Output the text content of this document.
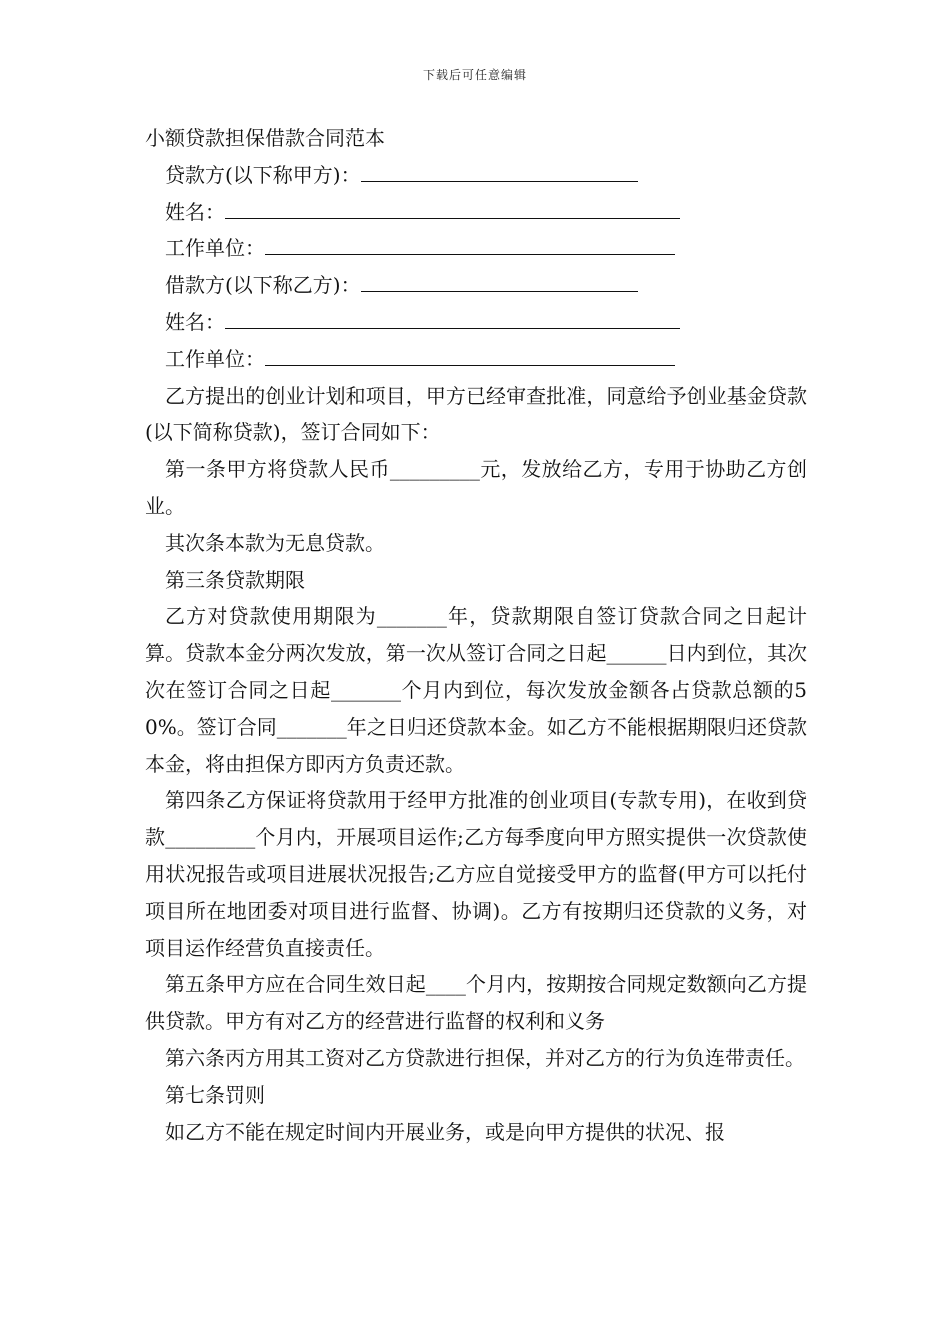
下载后可任意编辑
小额贷款担保借款合同范本
贷款方(以下称甲方)：
姓名：
工作单位：
借款方(以下称乙方)：
姓名：
工作单位：
乙方提出的创业计划和项目，甲方已经审查批准，同意给予创业基金贷款(以下简称贷款)，签订合同如下：
第一条甲方将贷款人民币_________元，发放给乙方，专用于协助乙方创业。
其次条本款为无息贷款。
第三条贷款期限
乙方对贷款使用期限为_______年，贷款期限自签订贷款合同之日起计算。贷款本金分两次发放，第一次从签订合同之日起______日内到位，其次次在签订合同之日起_______个月内到位，每次发放金额各占贷款总额的50%。签订合同_______年之日归还贷款本金。如乙方不能根据期限归还贷款本金，将由担保方即丙方负责还款。
第四条乙方保证将贷款用于经甲方批准的创业项目(专款专用)，在收到贷款_________个月内，开展项目运作;乙方每季度向甲方照实提供一次贷款使用状况报告或项目进展状况报告;乙方应自觉接受甲方的监督(甲方可以托付项目所在地团委对项目进行监督、协调)。乙方有按期归还贷款的义务，对项目运作经营负直接责任。
第五条甲方应在合同生效日起____个月内，按期按合同规定数额向乙方提供贷款。甲方有对乙方的经营进行监督的权利和义务
第六条丙方用其工资对乙方贷款进行担保，并对乙方的行为负连带责任。
第七条罚则
如乙方不能在规定时间内开展业务，或是向甲方提供的状况、报
